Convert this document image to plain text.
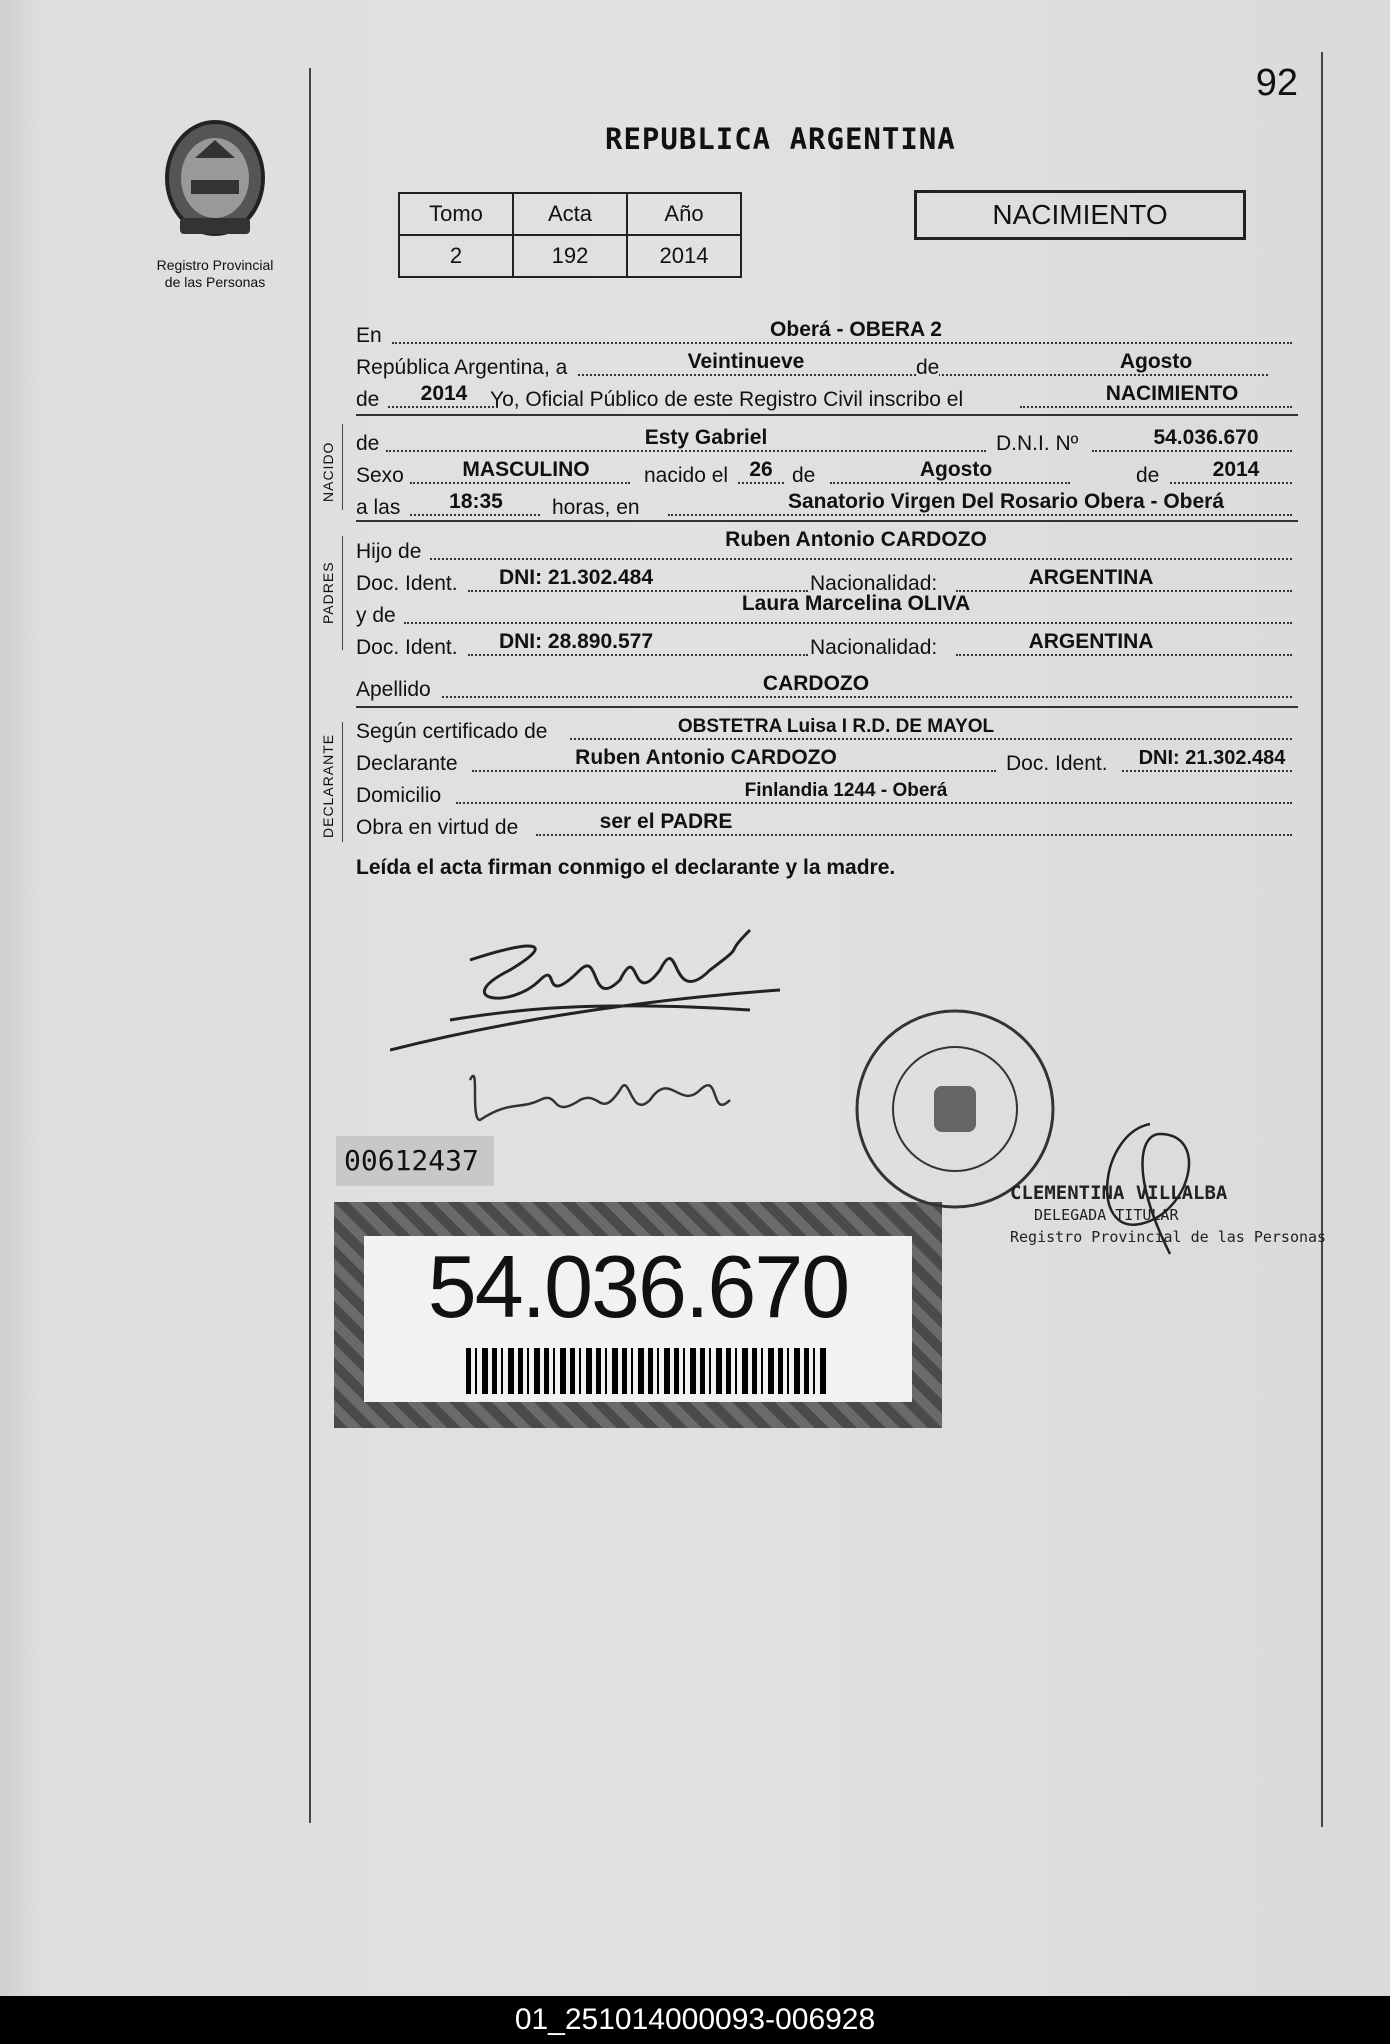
92
Registro Provincial
de las Personas
REPUBLICA ARGENTINA
Tomo	Acta	Año
2	192	2014
NACIMIENTO
En	Oberá - OBERA 2
República Argentina, a	Veintinueve	de	Agosto
de	2014	Yo, Oficial Público de este Registro Civil inscribo el	NACIMIENTO
NACIDO de	Esty Gabriel	D.N.I. Nº	54.036.670
Sexo	MASCULINO	nacido el	26 de	Agosto	de	2014
a las	18:35	horas, en	Sanatorio Virgen Del Rosario Obera - Oberá
PADRES
Hijo de
Ruben Antonio CARDOZO
Doc. Ident.	DNI: 21.302.484	Nacionalidad:	ARGENTINA
y de
Laura Marcelina OLIVA
Doc. Ident.	DNI: 28.890.577	Nacionalidad:	ARGENTINA
Apellido	CARDOZO
DECLARANTE
Según certificado de	OBSTETRA Luisa I R.D. DE MAYOL
Declarante	Ruben Antonio CARDOZO	Doc. Ident.	DNI: 21.302.484
Domicilio	Finlandia 1244 - Oberá
Obra en virtud de	ser el PADRE
Leída el acta firman conmigo el declarante y la madre.
00612437
54.036.670
CLEMENTINA VILLALBA
DELEGADA TITULAR
Registro Provincial de las Personas
01_251014000093-006928
